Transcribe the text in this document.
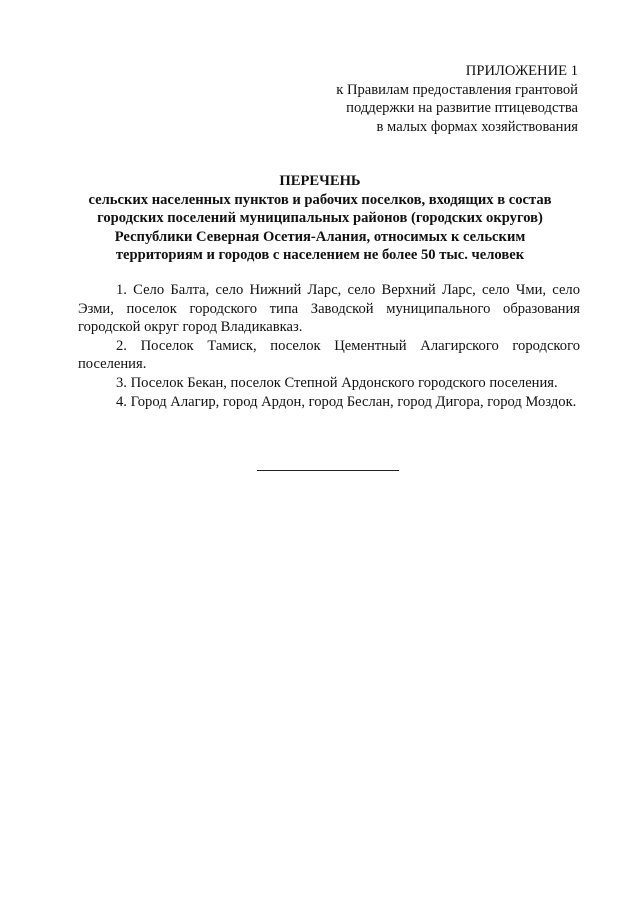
ПРИЛОЖЕНИЕ 1
к Правилам предоставления грантовой
поддержки на развитие птицеводства
в малых формах хозяйствования
ПЕРЕЧЕНЬ
сельских населенных пунктов и рабочих поселков, входящих в состав
городских поселений муниципальных районов (городских округов)
Республики Северная Осетия-Алания, относимых к сельским
территориям и городов с населением не более 50 тыс. человек

1. Село Балта, село Нижний Ларс, село Верхний Ларс, село Чми, село Эзми, поселок городского типа Заводской муниципального образования городской округ город Владикавказ.

2. Поселок Тамиск, поселок Цементный Алагирского городского поселения.

3. Поселок Бекан, поселок Степной Ардонского городского поселения.

4. Город Алагир, город Ардон, город Беслан, город Дигора, город Моздок.
